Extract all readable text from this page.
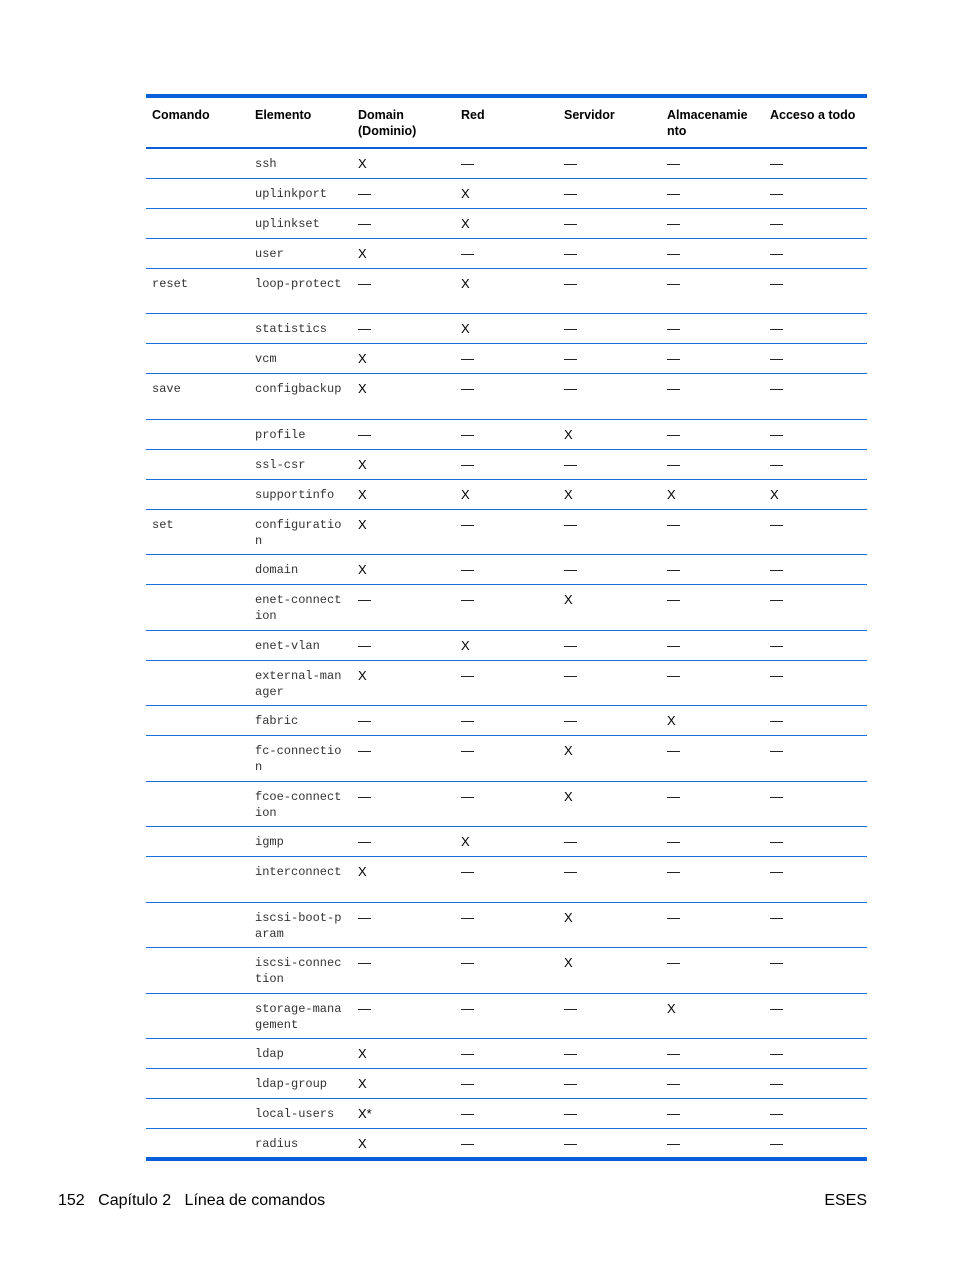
Comando	Elemento	Domain (Dominio)	Red	Servidor	Almacenamie nto	Acceso a todo
	ssh	X	—	—	—	—
	uplinkport	—	X	—	—	—
	uplinkset	—	X	—	—	—
	user	X	—	—	—	—
reset	loop-protect	—	X	—	—	—
	statistics	—	X	—	—	—
	vcm	X	—	—	—	—
save	configbackup	X	—	—	—	—
	profile	—	—	X	—	—
	ssl-csr	X	—	—	—	—
	supportinfo	X	X	X	X	X
set	configuration	X	—	—	—	—
	domain	X	—	—	—	—
	enet-connection	—	—	X	—	—
	enet-vlan	—	X	—	—	—
	external-manager	X	—	—	—	—
	fabric	—	—	—	X	—
	fc-connection	—	—	X	—	—
	fcoe-connection	—	—	X	—	—
	igmp	—	X	—	—	—
	interconnect	X	—	—	—	—
	iscsi-boot-param	—	—	X	—	—
	iscsi-connection	—	—	X	—	—
	storage-management	—	—	—	X	—
	ldap	X	—	—	—	—
	ldap-group	X	—	—	—	—
	local-users	X*	—	—	—	—
	radius	X	—	—	—	—
152 Capítulo 2 Línea de comandos	ESES
